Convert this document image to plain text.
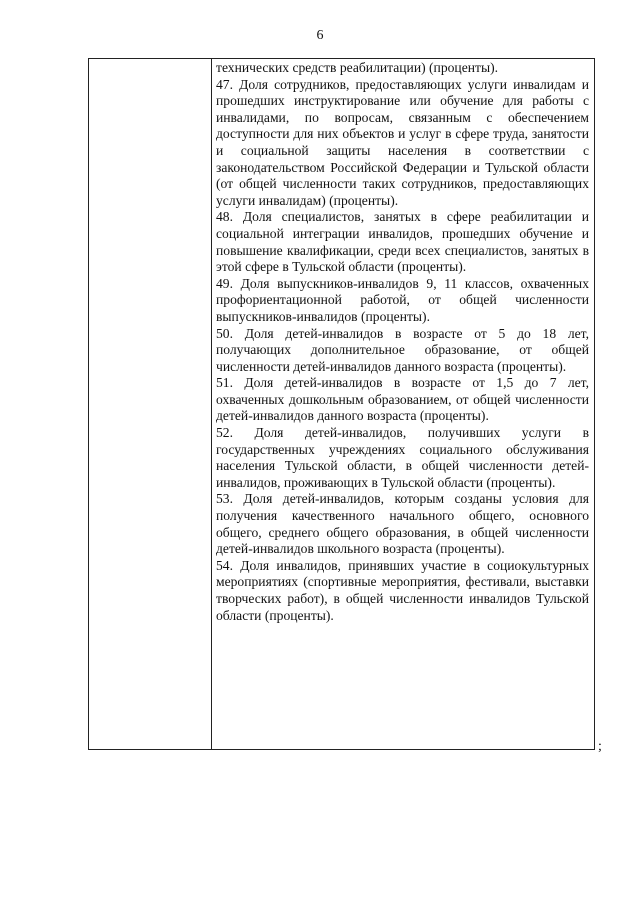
6

технических средств реабилитации) (проценты).

47. Доля сотрудников, предоставляющих услуги инвалидам и прошедших инструктирование или обучение для работы с инвалидами, по вопросам, связанным с обеспечением доступности для них объектов и услуг в сфере труда, занятости и социальной защиты населения в соответствии с законодательством Российской Федерации и Тульской области (от общей численности таких сотрудников, предоставляющих услуги инвалидам) (проценты).

48. Доля специалистов, занятых в сфере реабилитации и социальной интеграции инвалидов, прошедших обучение и повышение квалификации, среди всех специалистов, занятых в этой сфере в Тульской области (проценты).

49. Доля выпускников-инвалидов 9, 11 классов, охваченных профориентационной работой, от общей численности выпускников-инвалидов (проценты).

50. Доля детей-инвалидов в возрасте от 5 до 18 лет, получающих дополнительное образование, от общей численности детей-инвалидов данного возраста (проценты).

51. Доля детей-инвалидов в возрасте от 1,5 до 7 лет, охваченных дошкольным образованием, от общей численности детей-инвалидов данного возраста (проценты).

52. Доля детей-инвалидов, получивших услуги в государственных учреждениях социального обслуживания населения Тульской области, в общей численности детей-инвалидов, проживающих в Тульской области (проценты).

53. Доля детей-инвалидов, которым созданы условия для получения качественного начального общего, основного общего, среднего общего образования, в общей численности детей-инвалидов школьного возраста (проценты).

54. Доля инвалидов, принявших участие в социокультурных мероприятиях (спортивные мероприятия, фестивали, выставки творческих работ), в общей численности инвалидов Тульской области (проценты).

;
